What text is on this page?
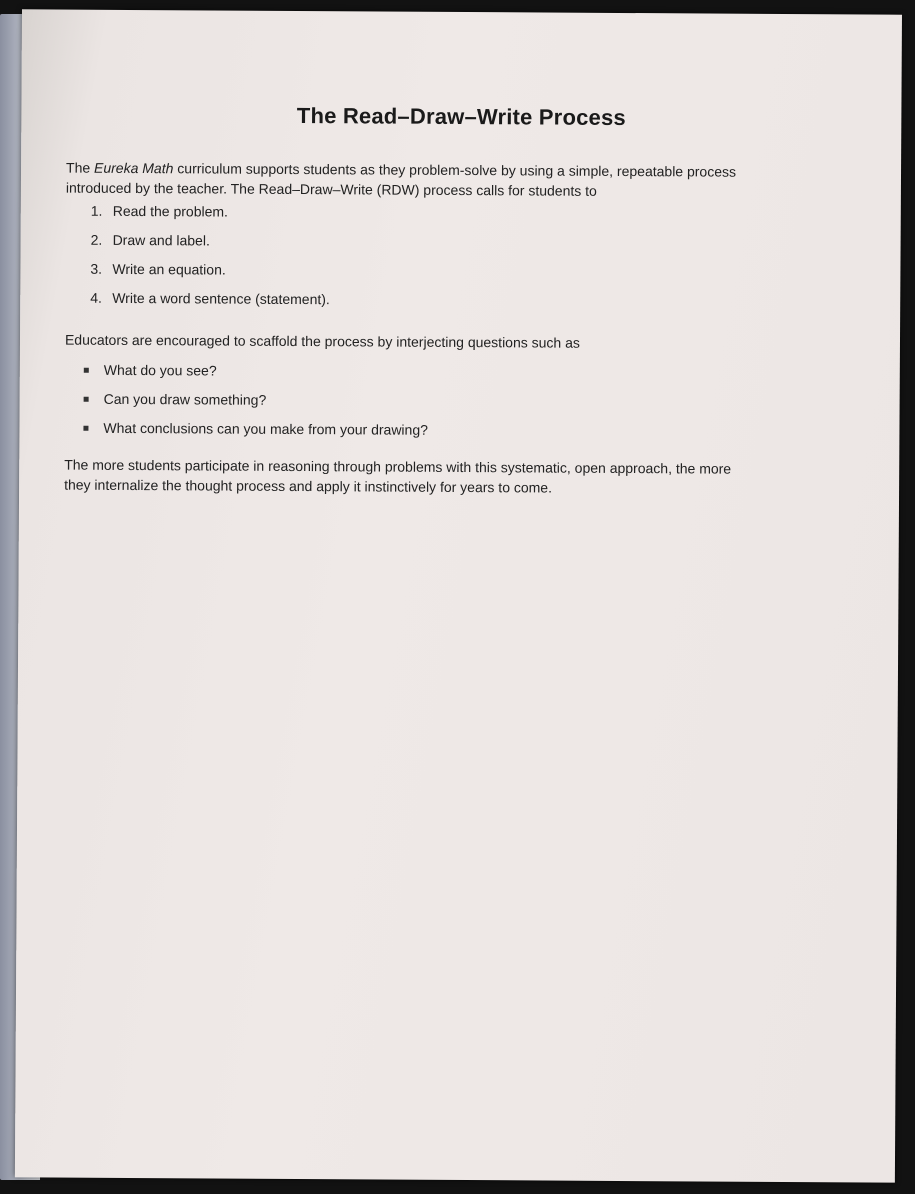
The Read–Draw–Write Process

The Eureka Math curriculum supports students as they problem-solve by using a simple, repeatable process introduced by the teacher. The Read–Draw–Write (RDW) process calls for students to

1. Read the problem.
2. Draw and label.
3. Write an equation.
4. Write a word sentence (statement).

Educators are encouraged to scaffold the process by interjecting questions such as

What do you see?
Can you draw something?
What conclusions can you make from your drawing?

The more students participate in reasoning through problems with this systematic, open approach, the more they internalize the thought process and apply it instinctively for years to come.
